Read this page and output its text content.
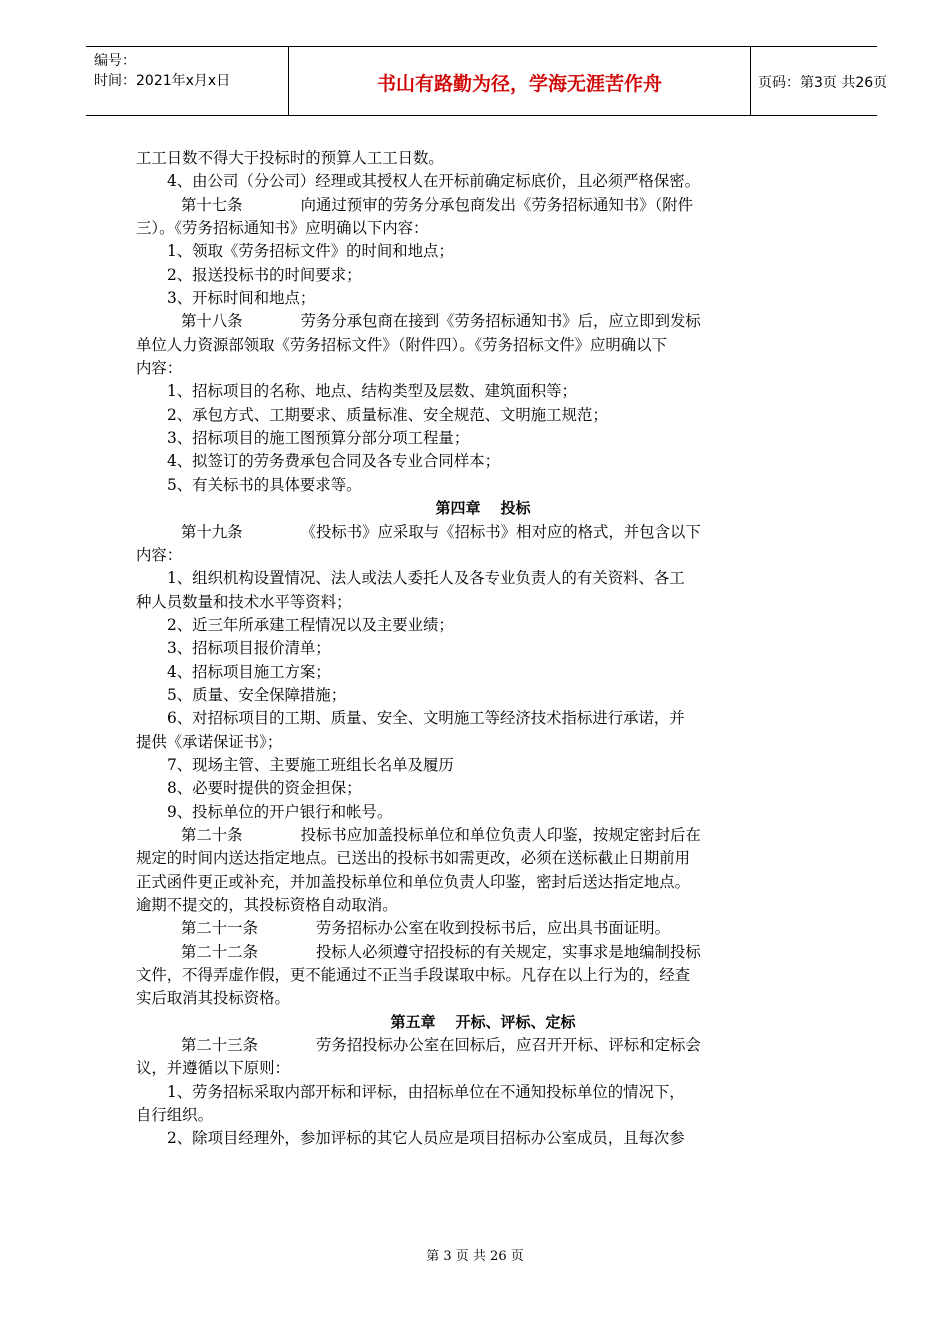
编号：
时间：2021年x月x日	书山有路勤为径，学海无涯苦作舟	页码：第3页 共26页
工工日数不得大于投标时的预算人工工日数。
4、由公司（分公司）经理或其授权人在开标前确定标底价，且必须严格保密。
第十七条	向通过预审的劳务分承包商发出《劳务招标通知书》（附件
三）。《劳务招标通知书》应明确以下内容：
1、领取《劳务招标文件》的时间和地点；
2、报送投标书的时间要求；
3、开标时间和地点；
第十八条	劳务分承包商在接到《劳务招标通知书》后，应立即到发标
单位人力资源部领取《劳务招标文件》（附件四）。《劳务招标文件》应明确以下
内容：
1、招标项目的名称、地点、结构类型及层数、建筑面积等；
2、承包方式、工期要求、质量标准、安全规范、文明施工规范；
3、招标项目的施工图预算分部分项工程量；
4、拟签订的劳务费承包合同及各专业合同样本；
5、有关标书的具体要求等。
第四章 投标
第十九条	《投标书》应采取与《招标书》相对应的格式，并包含以下
内容：
1、组织机构设置情况、法人或法人委托人及各专业负责人的有关资料、各工
种人员数量和技术水平等资料；
2、近三年所承建工程情况以及主要业绩；
3、招标项目报价清单；
4、招标项目施工方案；
5、质量、安全保障措施；
6、对招标项目的工期、质量、安全、文明施工等经济技术指标进行承诺，并
提供《承诺保证书》；
7、现场主管、主要施工班组长名单及履历
8、必要时提供的资金担保；
9、投标单位的开户银行和帐号。
第二十条	投标书应加盖投标单位和单位负责人印鉴，按规定密封后在
规定的时间内送达指定地点。已送出的投标书如需更改，必须在送标截止日期前用
正式函件更正或补充，并加盖投标单位和单位负责人印鉴，密封后送达指定地点。
逾期不提交的，其投标资格自动取消。
第二十一条	劳务招标办公室在收到投标书后，应出具书面证明。
第二十二条	投标人必须遵守招投标的有关规定，实事求是地编制投标
文件，不得弄虚作假，更不能通过不正当手段谋取中标。凡存在以上行为的，经查
实后取消其投标资格。
第五章 开标、评标、定标
第二十三条	劳务招投标办公室在回标后，应召开开标、评标和定标会
议，并遵循以下原则：
1、劳务招标采取内部开标和评标，由招标单位在不通知投标单位的情况下，
自行组织。
2、除项目经理外，参加评标的其它人员应是项目招标办公室成员，且每次参
第 3 页 共 26 页
